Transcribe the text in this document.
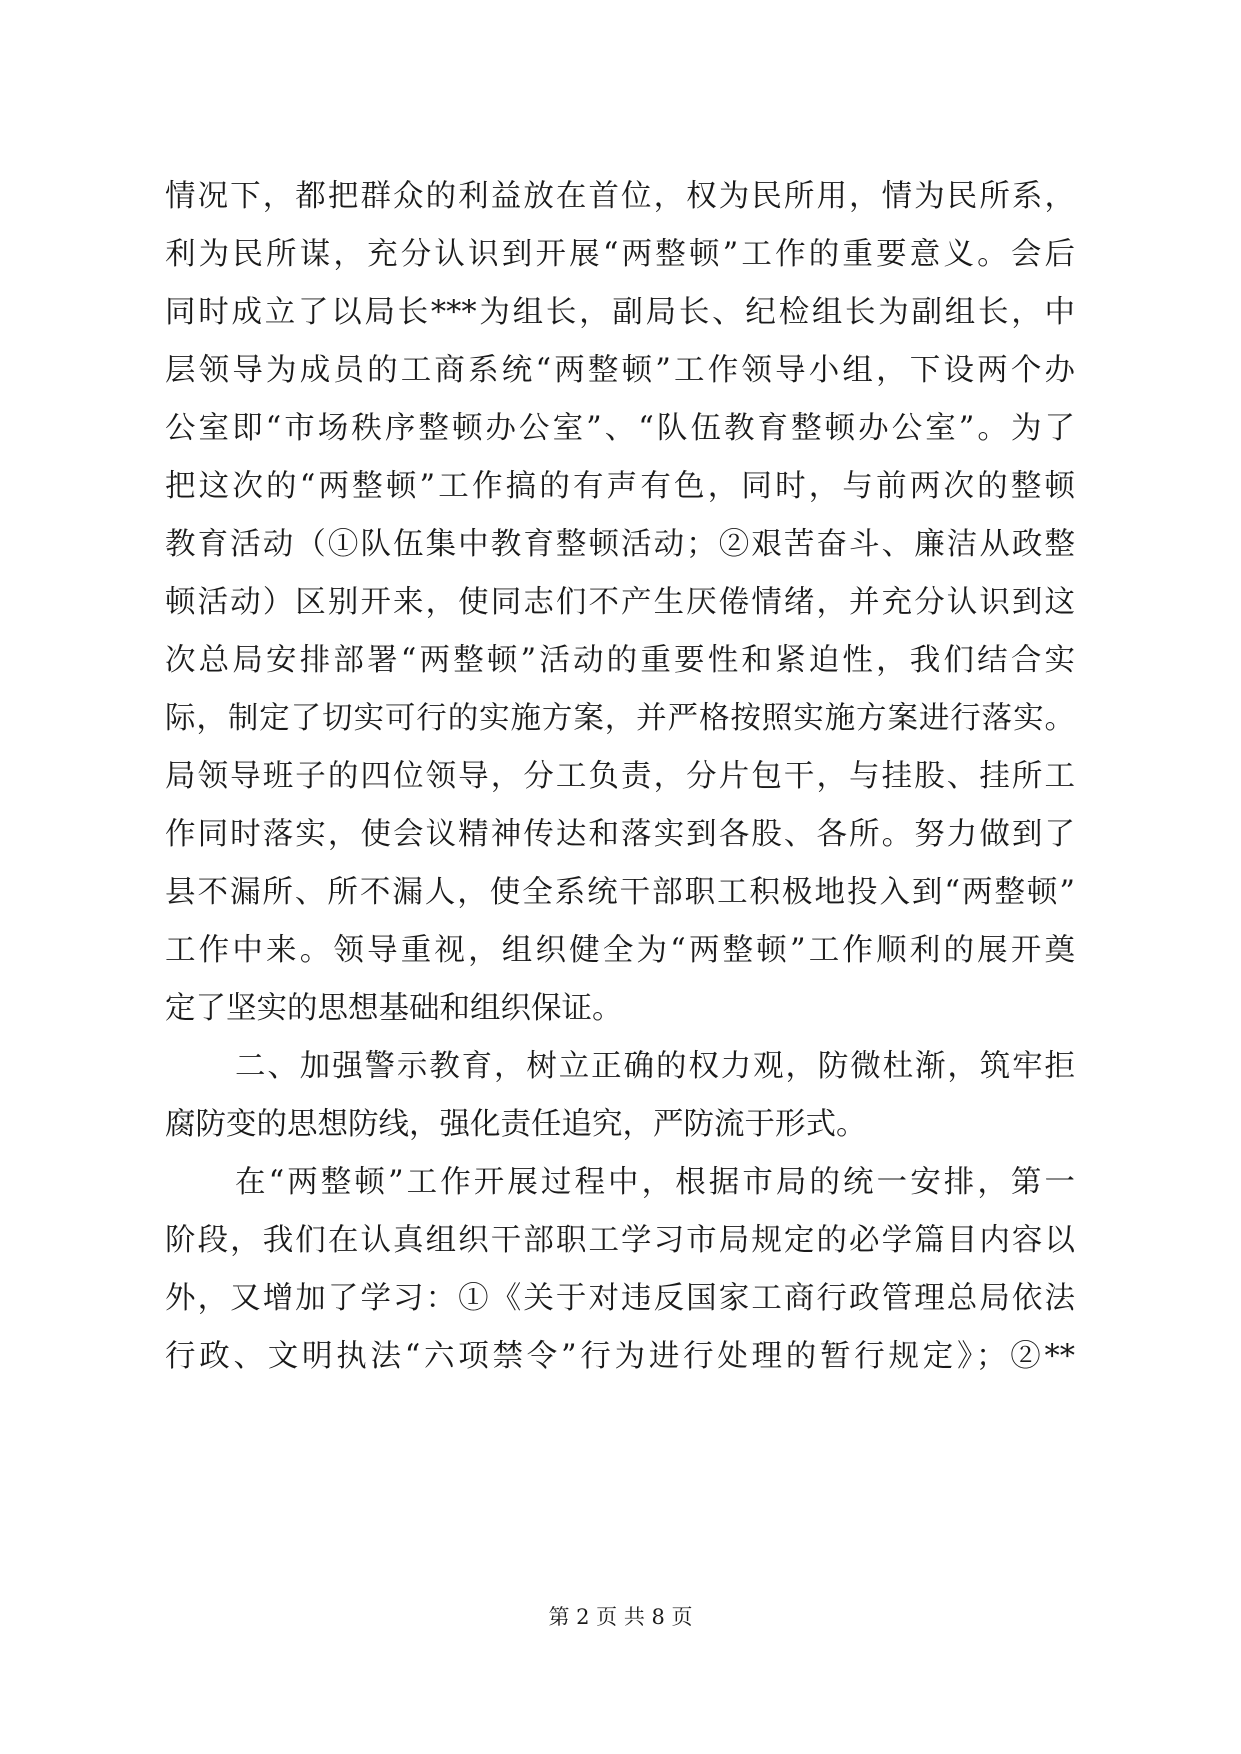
情况下，都把群众的利益放在首位，权为民所用，情为民所系，
利为民所谋，充分认识到开展“两整顿”工作的重要意义。会后
同时成立了以局长***为组长，副局长、纪检组长为副组长，中
层领导为成员的工商系统“两整顿”工作领导小组，下设两个办
公室即“市场秩序整顿办公室”、“队伍教育整顿办公室”。为了
把这次的“两整顿”工作搞的有声有色，同时，与前两次的整顿
教育活动（①队伍集中教育整顿活动；②艰苦奋斗、廉洁从政整
顿活动）区别开来，使同志们不产生厌倦情绪，并充分认识到这
次总局安排部署“两整顿”活动的重要性和紧迫性，我们结合实
际，制定了切实可行的实施方案，并严格按照实施方案进行落实。
局领导班子的四位领导，分工负责，分片包干，与挂股、挂所工
作同时落实，使会议精神传达和落实到各股、各所。努力做到了
县不漏所、所不漏人，使全系统干部职工积极地投入到“两整顿”
工作中来。领导重视，组织健全为“两整顿”工作顺利的展开奠
定了坚实的思想基础和组织保证。
二、加强警示教育，树立正确的权力观，防微杜渐，筑牢拒
腐防变的思想防线，强化责任追究，严防流于形式。
在“两整顿”工作开展过程中，根据市局的统一安排，第一
阶段，我们在认真组织干部职工学习市局规定的必学篇目内容以
外，又增加了学习：①《关于对违反国家工商行政管理总局依法
行政、文明执法“六项禁令”行为进行处理的暂行规定》；②**
第 2 页 共 8 页
